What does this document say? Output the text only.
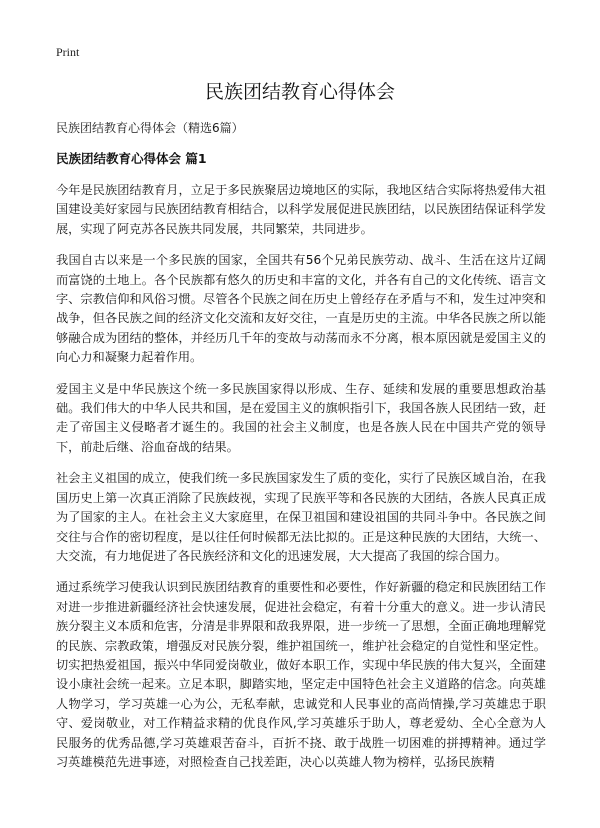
Print
民族团结教育心得体会
民族团结教育心得体会（精选6篇）
民族团结教育心得体会 篇1

今年是民族团结教育月，立足于多民族聚居边境地区的实际，我地区结合实际将热爱伟大祖国建设美好家园与民族团结教育相结合，以科学发展促进民族团结，以民族团结保证科学发展，实现了阿克苏各民族共同发展，共同繁荣，共同进步。

我国自古以来是一个多民族的国家，全国共有56个兄弟民族劳动、战斗、生活在这片辽阔而富饶的土地上。各个民族都有悠久的历史和丰富的文化，并各有自己的文化传统、语言文字、宗教信仰和风俗习惯。尽管各个民族之间在历史上曾经存在矛盾与不和，发生过冲突和战争，但各民族之间的经济文化交流和友好交往，一直是历史的主流。中华各民族之所以能够融合成为团结的整体，并经历几千年的变故与动荡而永不分离，根本原因就是爱国主义的向心力和凝聚力起着作用。

爱国主义是中华民族这个统一多民族国家得以形成、生存、延续和发展的重要思想政治基础。我们伟大的中华人民共和国，是在爱国主义的旗帜指引下，我国各族人民团结一致，赶走了帝国主义侵略者才诞生的。我国的社会主义制度，也是各族人民在中国共产党的领导下，前赴后继、浴血奋战的结果。

社会主义祖国的成立，使我们统一多民族国家发生了质的变化，实行了民族区域自治，在我国历史上第一次真正消除了民族歧视，实现了民族平等和各民族的大团结，各族人民真正成为了国家的主人。在社会主义大家庭里，在保卫祖国和建设祖国的共同斗争中。各民族之间交往与合作的密切程度，是以往任何时候都无法比拟的。正是这种民族的大团结，大统一、大交流，有力地促进了各民族经济和文化的迅速发展，大大提高了我国的综合国力。

通过系统学习使我认识到民族团结教育的重要性和必要性，作好新疆的稳定和民族团结工作对进一步推进新疆经济社会快速发展，促进社会稳定，有着十分重大的意义。进一步认清民族分裂主义本质和危害，分清是非界限和敌我界限，进一步统一了思想，全面正确地理解党的民族、宗教政策，增强反对民族分裂，维护祖国统一，维护社会稳定的自觉性和坚定性。切实把热爱祖国，振兴中华同爱岗敬业，做好本职工作，实现中华民族的伟大复兴，全面建设小康社会统一起来。立足本职，脚踏实地，坚定走中国特色社会主义道路的信念。向英雄人物学习，学习英雄一心为公，无私奉献，忠诚党和人民事业的高尚情操,学习英雄忠于职守、爱岗敬业，对工作精益求精的优良作风,学习英雄乐于助人，尊老爱幼、全心全意为人民服务的优秀品德,学习英雄艰苦奋斗，百折不挠、敢于战胜一切困难的拼搏精神。通过学习英雄模范先进事迹，对照检查自己找差距，决心以英雄人物为榜样，弘扬民族精
